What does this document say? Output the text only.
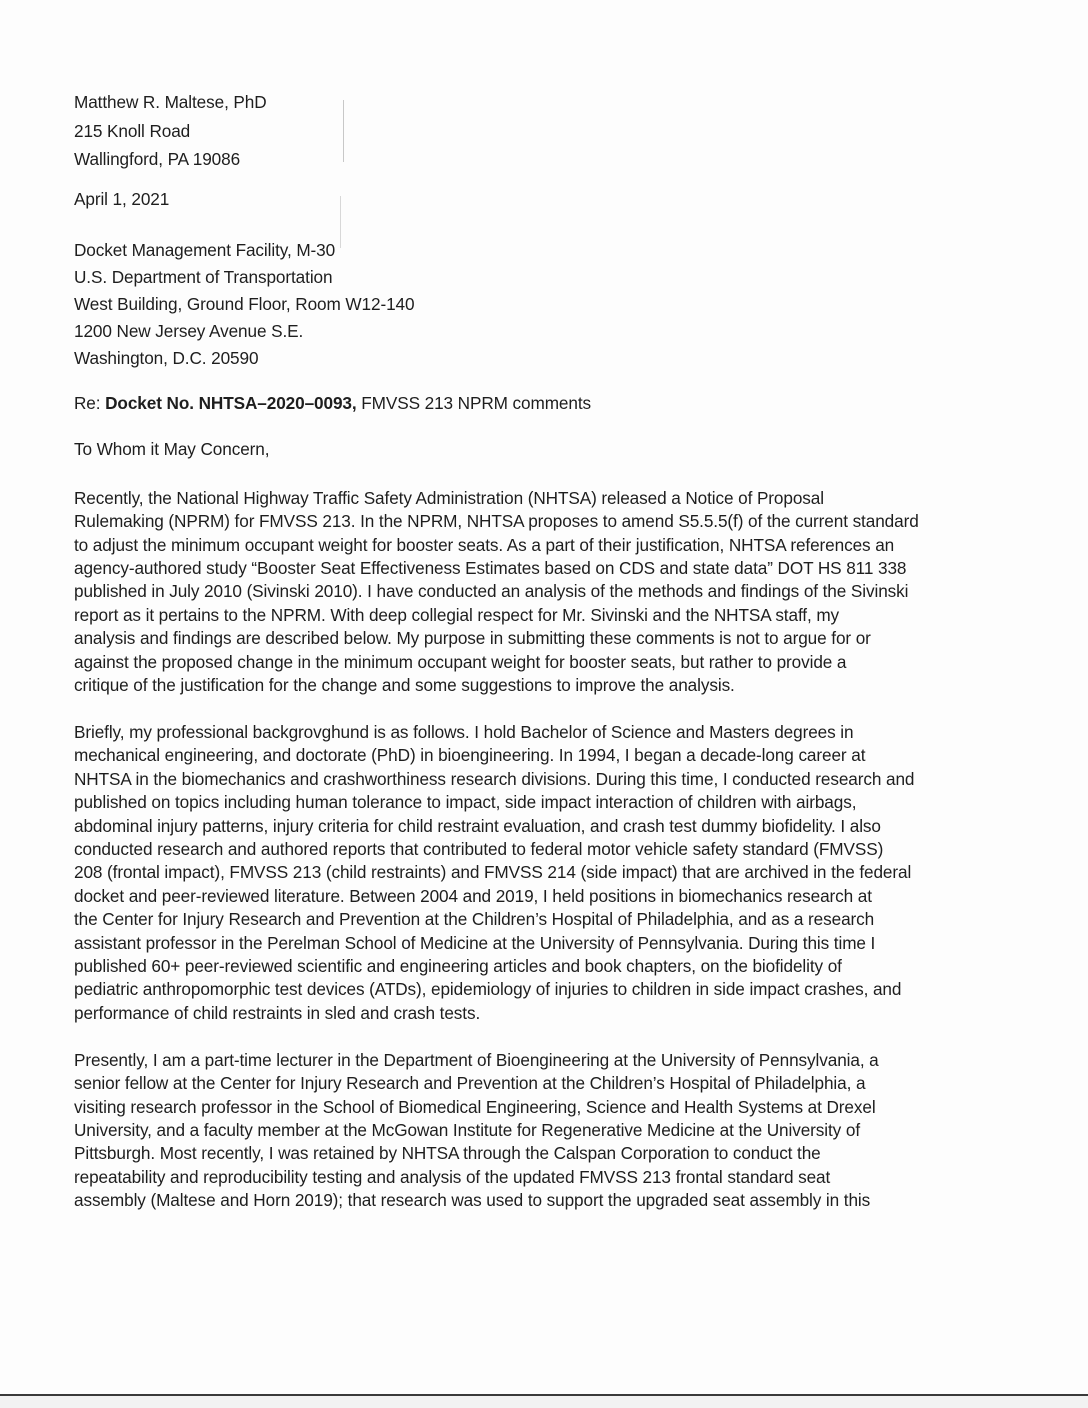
Matthew R. Maltese, PhD
215 Knoll Road
Wallingford, PA 19086
April 1, 2021
Docket Management Facility, M-30
U.S. Department of Transportation
West Building, Ground Floor, Room W12-140
1200 New Jersey Avenue S.E.
Washington, D.C. 20590
Re: Docket No. NHTSA–2020–0093, FMVSS 213 NPRM comments
To Whom it May Concern,
Recently, the National Highway Traffic Safety Administration (NHTSA) released a Notice of Proposal
Rulemaking (NPRM) for FMVSS 213. In the NPRM, NHTSA proposes to amend S5.5.5(f) of the current standard
to adjust the minimum occupant weight for booster seats. As a part of their justification, NHTSA references an
agency-authored study “Booster Seat Effectiveness Estimates based on CDS and state data” DOT HS 811 338
published in July 2010 (Sivinski 2010). I have conducted an analysis of the methods and findings of the Sivinski
report as it pertains to the NPRM. With deep collegial respect for Mr. Sivinski and the NHTSA staff, my
analysis and findings are described below. My purpose in submitting these comments is not to argue for or
against the proposed change in the minimum occupant weight for booster seats, but rather to provide a
critique of the justification for the change and some suggestions to improve the analysis.
Briefly, my professional backgrovghund is as follows. I hold Bachelor of Science and Masters degrees in
mechanical engineering, and doctorate (PhD) in bioengineering. In 1994, I began a decade-long career at
NHTSA in the biomechanics and crashworthiness research divisions. During this time, I conducted research and
published on topics including human tolerance to impact, side impact interaction of children with airbags,
abdominal injury patterns, injury criteria for child restraint evaluation, and crash test dummy biofidelity. I also
conducted research and authored reports that contributed to federal motor vehicle safety standard (FMVSS)
208 (frontal impact), FMVSS 213 (child restraints) and FMVSS 214 (side impact) that are archived in the federal
docket and peer-reviewed literature. Between 2004 and 2019, I held positions in biomechanics research at
the Center for Injury Research and Prevention at the Children’s Hospital of Philadelphia, and as a research
assistant professor in the Perelman School of Medicine at the University of Pennsylvania. During this time I
published 60+ peer-reviewed scientific and engineering articles and book chapters, on the biofidelity of
pediatric anthropomorphic test devices (ATDs), epidemiology of injuries to children in side impact crashes, and
performance of child restraints in sled and crash tests.
Presently, I am a part-time lecturer in the Department of Bioengineering at the University of Pennsylvania, a
senior fellow at the Center for Injury Research and Prevention at the Children’s Hospital of Philadelphia, a
visiting research professor in the School of Biomedical Engineering, Science and Health Systems at Drexel
University, and a faculty member at the McGowan Institute for Regenerative Medicine at the University of
Pittsburgh. Most recently, I was retained by NHTSA through the Calspan Corporation to conduct the
repeatability and reproducibility testing and analysis of the updated FMVSS 213 frontal standard seat
assembly (Maltese and Horn 2019); that research was used to support the upgraded seat assembly in this
